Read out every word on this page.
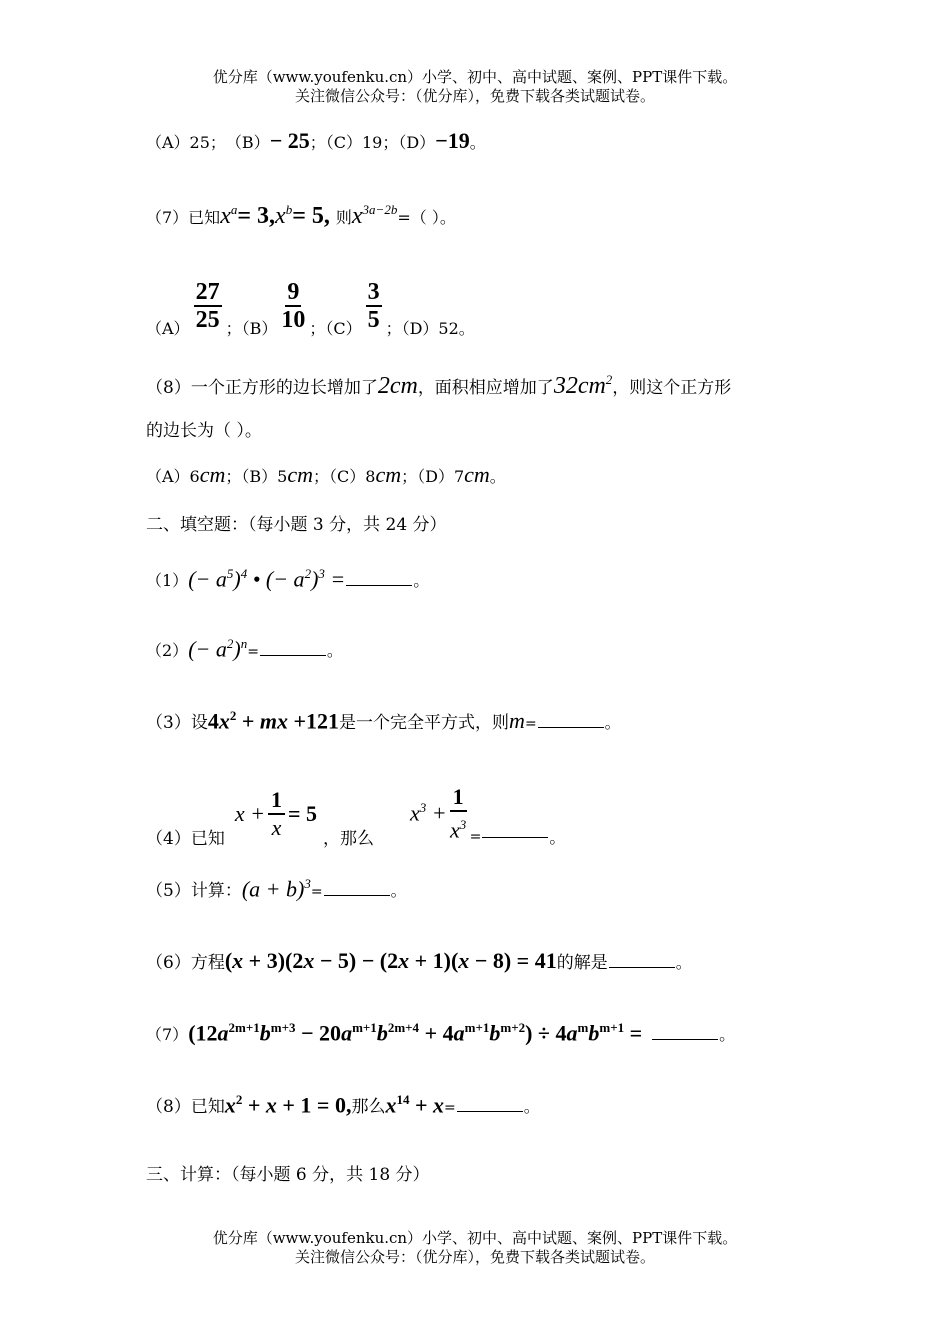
优分库（www.youfenku.cn）小学、初中、高中试题、案例、PPT课件下载。
关注微信公众号：（优分库），免费下载各类试题试卷。
（A）25； （B） − 25 ；（C）19；（D） −19 。
（7）已知 $x^a = 3$, $x^b = 5$, 则 $x^{3a-2b}$ =（ ）。
$(A) \frac{27}{25}$ ；$(B) \frac{9}{10}$ ；$(C) \frac{3}{5}$ ；（D）52。
（8）一个正方形的边长增加了 2cm ，面积相应增加了 $32cm^2$ ，则这个正方形
的边长为（ ）。
（A）6 cm ；（B）5 cm ；（C）8 cm ；（D）7 cm 。
二、填空题：（每小题 3 分，共 24 分）
（1） (− $a^5)^4$ • (− $a^2)^3$ =	。
（2） (− $a^2)^n$
=	。
（3）设 $4x^2$ + mx +121 是一个完全平方式，则 m =	。
（4）已知
$x + \frac{1}{x} = 5$
，那么
$x^3 + \frac{1}{x^3}$ =	。
（5）计算： $(a + b)^3$
=	。
（6）方程 (x + 3)(2x − 5) − (2x + 1)(x − 8) = 41 的解是	。
（7） $(12a^{2m+1}b^{m+3} - 20a^{m+1}b^{2m+4} + 4a^{m+1}b^{m+2}) \div 4a^mb^{m+1}$ =	。
（8）已知 $x^2 + x + 1 = 0$, 那么 $x^{14} + x$ =	。
三、计算：（每小题 6 分，共 18 分）
优分库（www.youfenku.cn）小学、初中、高中试题、案例、PPT课件下载。
关注微信公众号：（优分库），免费下载各类试题试卷。
